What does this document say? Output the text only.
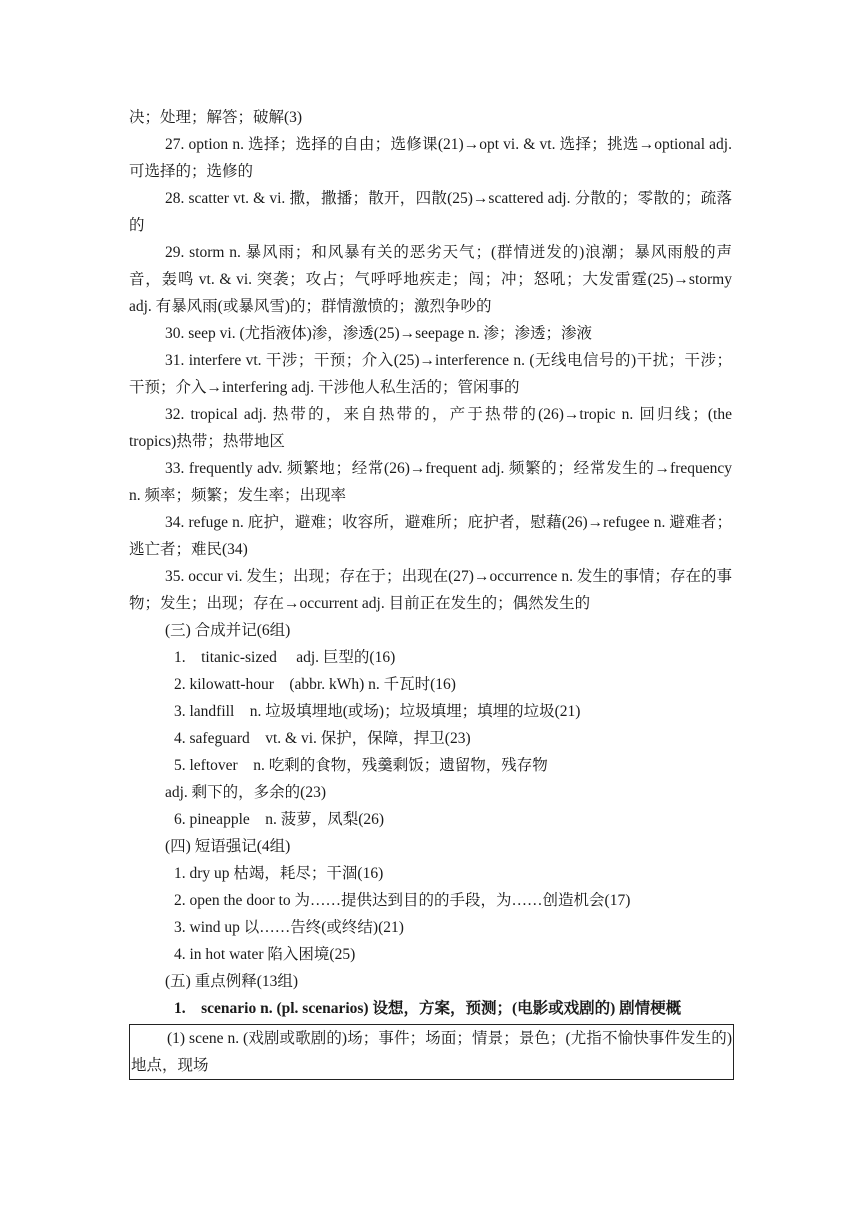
决；处理；解答；破解(3)

27. option n. 选择；选择的自由；选修课(21)→opt vi. & vt. 选择；挑选→optional adj. 可选择的；选修的

28. scatter vt. & vi. 撒，撒播；散开，四散(25)→scattered adj. 分散的；零散的；疏落的

29. storm n. 暴风雨；和风暴有关的恶劣天气；(群情迸发的)浪潮；暴风雨般的声音，轰鸣 vt. & vi. 突袭；攻占；气呼呼地疾走；闯；冲；怒吼；大发雷霆(25)→stormy adj. 有暴风雨(或暴风雪)的；群情激愤的；激烈争吵的

30. seep vi. (尤指液体)渗，渗透(25)→seepage n. 渗；渗透；渗液

31. interfere vt. 干涉；干预；介入(25)→interference n. (无线电信号的)干扰；干涉；干预；介入→interfering adj. 干涉他人私生活的；管闲事的

32. tropical adj. 热带的，来自热带的，产于热带的(26)→tropic n. 回归线；(the tropics)热带；热带地区

33. frequently adv. 频繁地；经常(26)→frequent adj. 频繁的；经常发生的→frequency n. 频率；频繁；发生率；出现率

34. refuge n. 庇护，避难；收容所，避难所；庇护者，慰藉(26)→refugee n. 避难者；逃亡者；难民(34)

35. occur vi. 发生；出现；存在于；出现在(27)→occurrence n. 发生的事情；存在的事物；发生；出现；存在→occurrent adj. 目前正在发生的；偶然发生的

(三) 合成并记(6组)

1.　titanic-sized　 adj. 巨型的(16)

2. kilowatt-hour　(abbr. kWh) n. 千瓦时(16)

3. landfill　n. 垃圾填埋地(或场)；垃圾填埋；填埋的垃圾(21)

4. safeguard　vt. & vi. 保护，保障，捍卫(23)

5. leftover　n. 吃剩的食物，残羹剩饭；遗留物，残存物

adj. 剩下的，多余的(23)

6. pineapple　n. 菠萝，凤梨(26)

(四) 短语强记(4组)

1. dry up 枯竭，耗尽；干涸(16)

2. open the door to 为……提供达到目的的手段，为……创造机会(17)

3. wind up 以……告终(或终结)(21)

4. in hot water 陷入困境(25)

(五) 重点例释(13组)

1.　scenario n. (pl. scenarios) 设想，方案，预测；(电影或戏剧的) 剧情梗概

(1) scene n. (戏剧或歌剧的)场；事件；场面；情景；景色；(尤指不愉快事件发生的)地点，现场
